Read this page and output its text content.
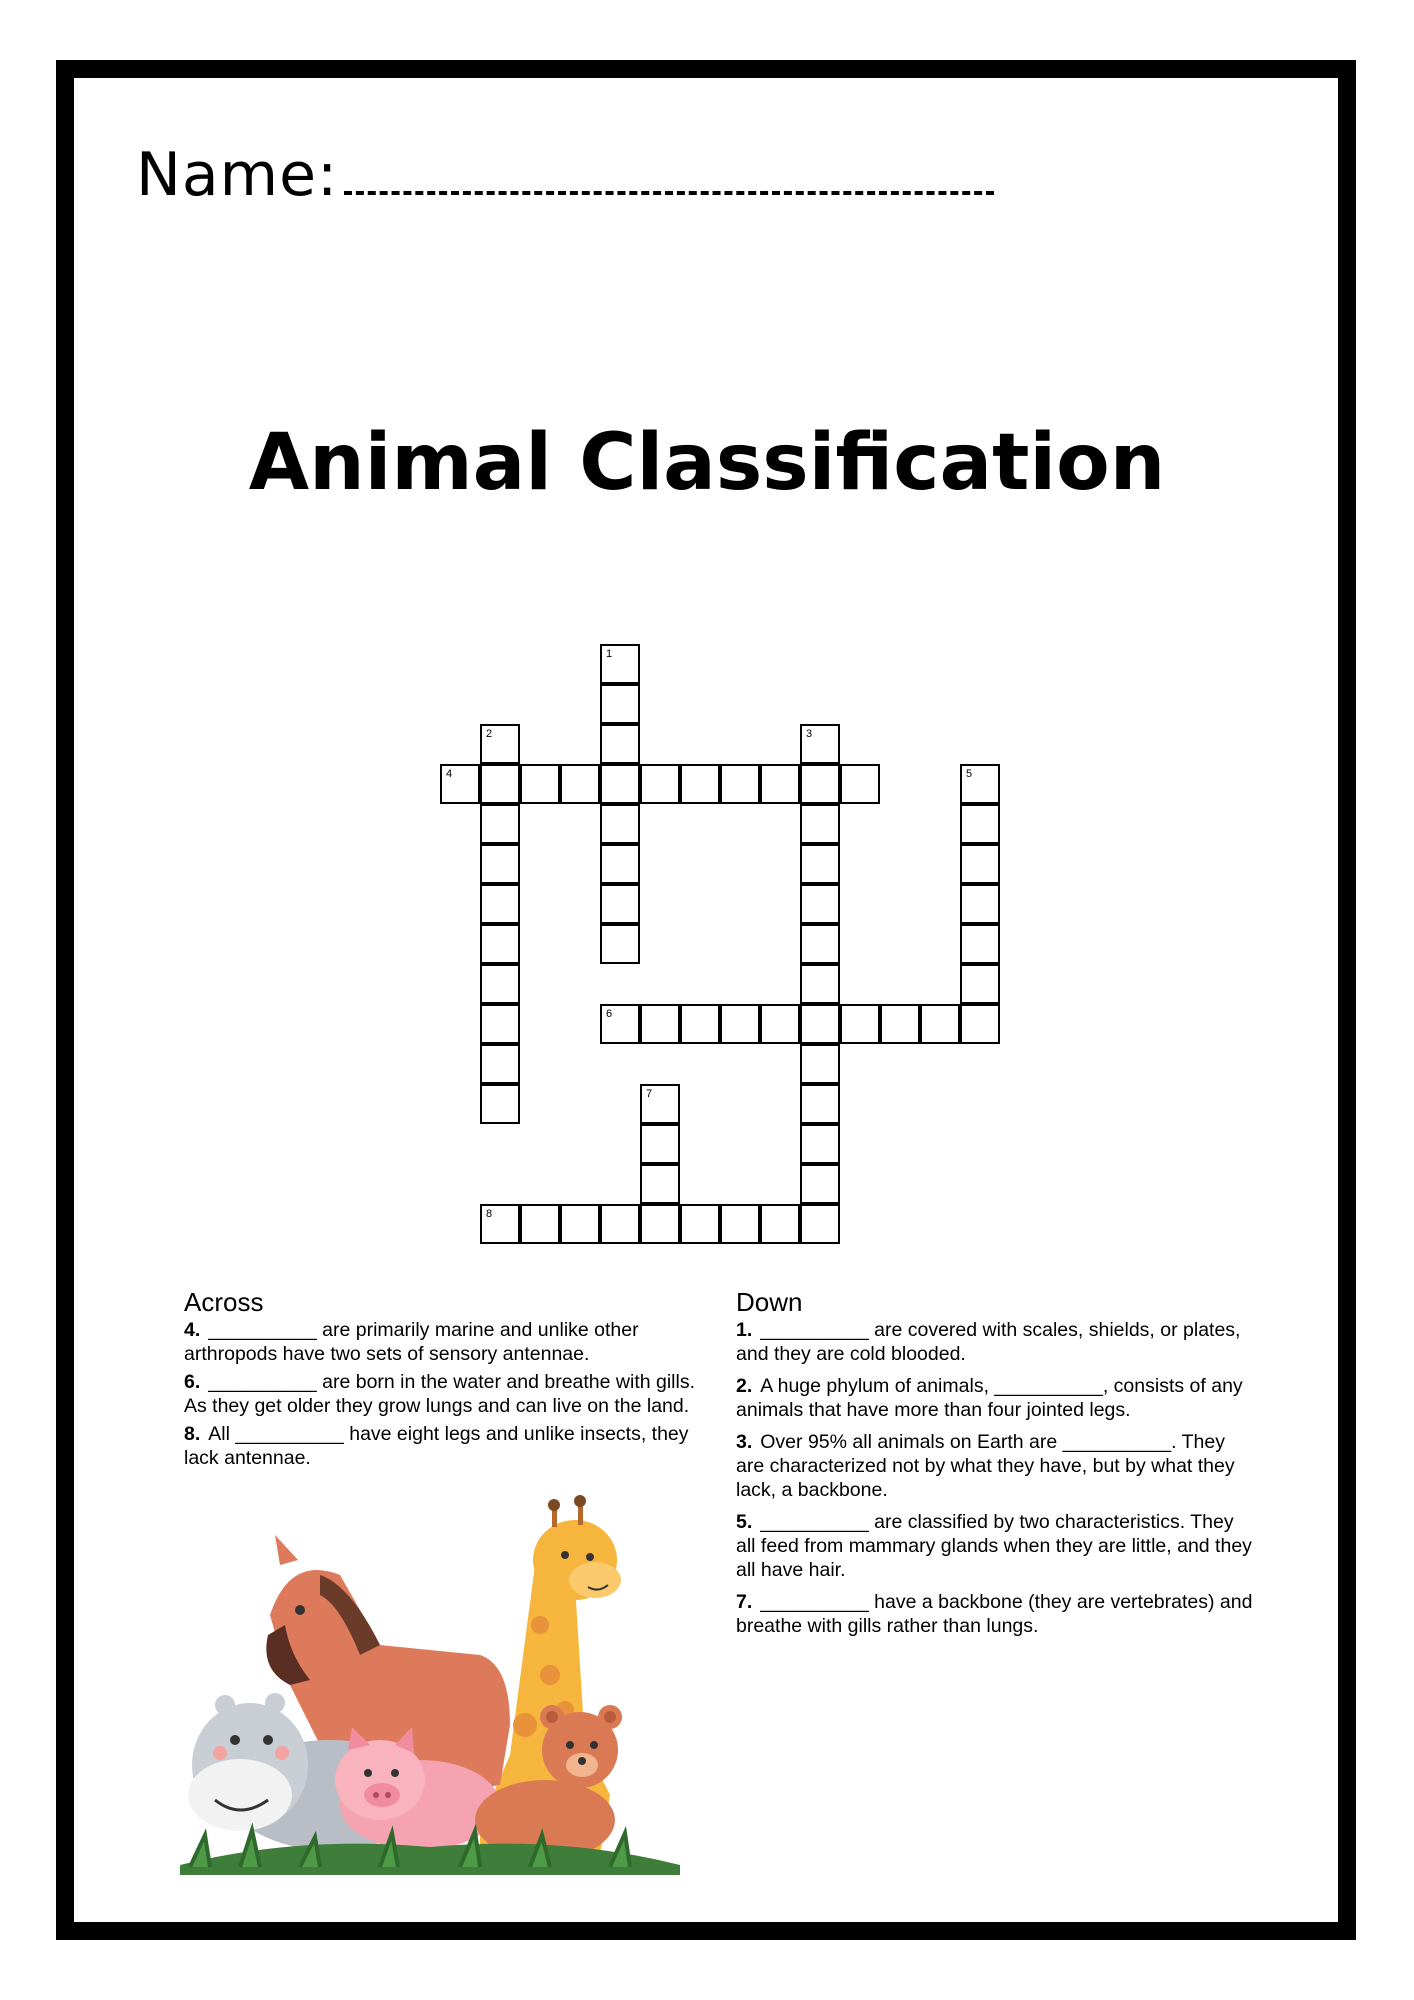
Name:
Animal Classification
1
2	3
4	5
6
7
8
Across
4. __________ are primarily marine and unlike other arthropods have two sets of sensory antennae.
6. __________ are born in the water and breathe with gills. As they get older they grow lungs and can live on the land.
8. All __________ have eight legs and unlike insects, they lack antennae.
Down
1. __________ are covered with scales, shields, or plates, and they are cold blooded.
2. A huge phylum of animals, __________, consists of any animals that have more than four jointed legs.
3. Over 95% all animals on Earth are __________. They are characterized not by what they have, but by what they lack, a backbone.
5. __________ are classified by two characteristics. They all feed from mammary glands when they are little, and they all have hair.
7. __________ have a backbone (they are vertebrates) and breathe with gills rather than lungs.
